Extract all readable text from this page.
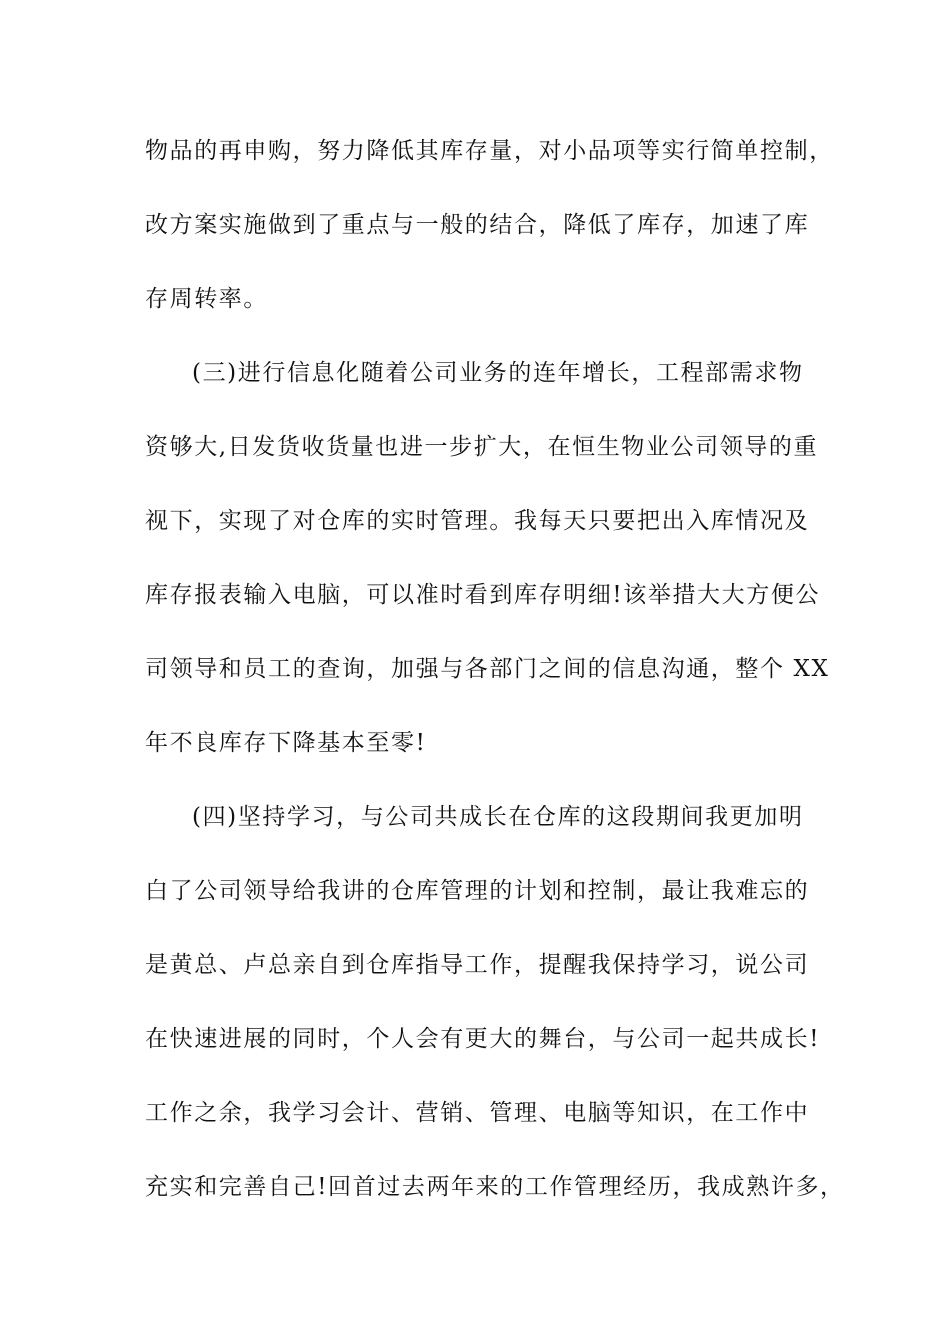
物品的再申购，努力降低其库存量，对小品项等实行简单控制，
改方案实施做到了重点与一般的结合，降低了库存，加速了库
存周转率。
(三)进行信息化随着公司业务的连年增长，工程部需求物
资够大,日发货收货量也进一步扩大，在恒生物业公司领导的重
视下，实现了对仓库的实时管理。我每天只要把出入库情况及
库存报表输入电脑，可以准时看到库存明细!该举措大大方便公
司领导和员工的查询，加强与各部门之间的信息沟通，整个 XX
年不良库存下降基本至零!
(四)坚持学习，与公司共成长在仓库的这段期间我更加明
白了公司领导给我讲的仓库管理的计划和控制，最让我难忘的
是黄总、卢总亲自到仓库指导工作，提醒我保持学习，说公司
在快速进展的同时，个人会有更大的舞台，与公司一起共成长!
工作之余，我学习会计、营销、管理、电脑等知识，在工作中
充实和完善自己!回首过去两年来的工作管理经历，我成熟许多，
